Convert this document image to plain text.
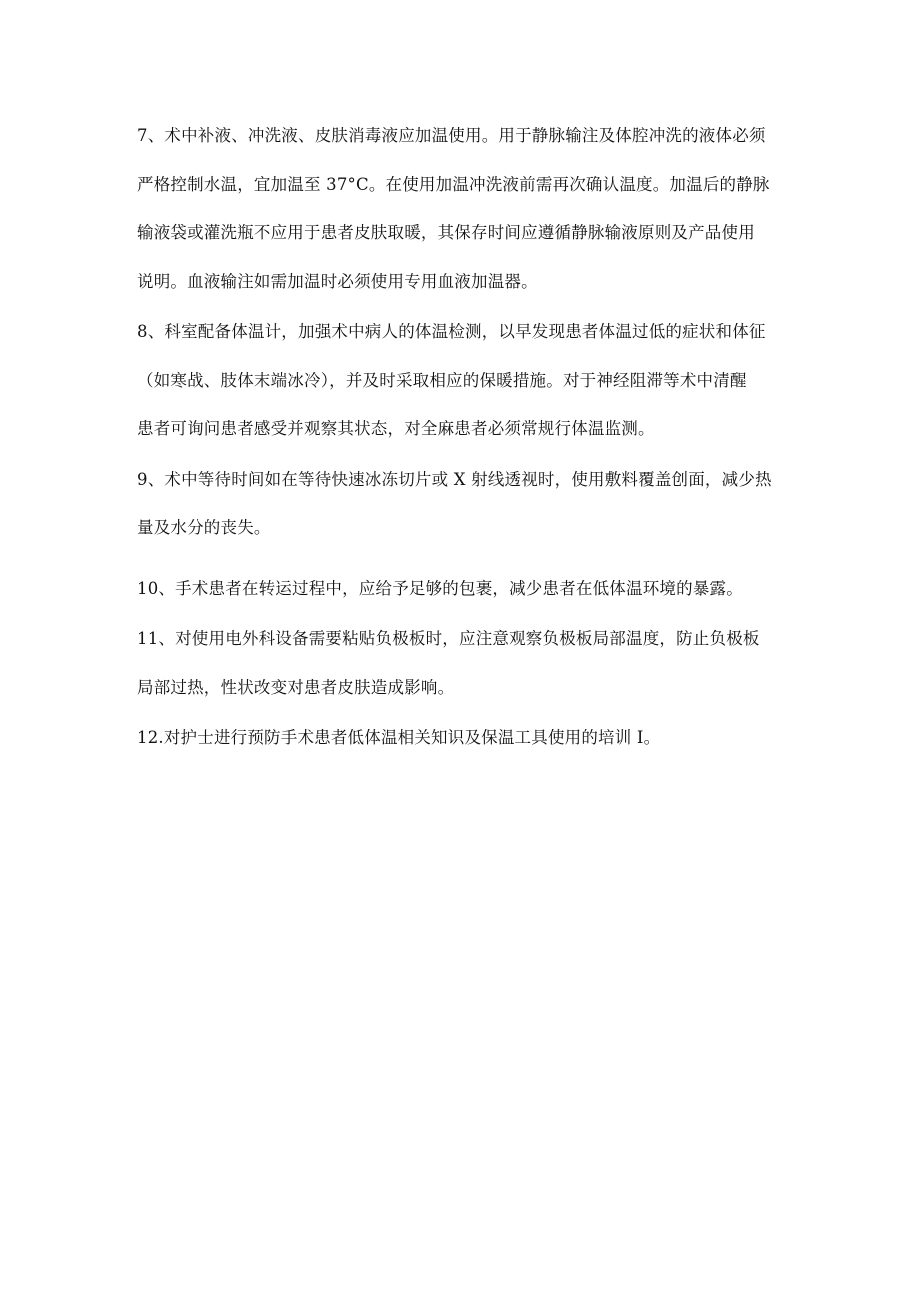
7、术中补液、冲洗液、皮肤消毒液应加温使用。用于静脉输注及体腔冲洗的液体必须
严格控制水温，宜加温至 37°C。在使用加温冲洗液前需再次确认温度。加温后的静脉
输液袋或灌洗瓶不应用于患者皮肤取暖，其保存时间应遵循静脉输液原则及产品使用
说明。血液输注如需加温时必须使用专用血液加温器。

8、科室配备体温计，加强术中病人的体温检测，以早发现患者体温过低的症状和体征
（如寒战、肢体末端冰冷），并及时采取相应的保暖措施。对于神经阻滞等术中清醒
患者可询问患者感受并观察其状态，对全麻患者必须常规行体温监测。

9、术中等待时间如在等待快速冰冻切片或 X 射线透视时，使用敷料覆盖创面，减少热
量及水分的丧失。

10、手术患者在转运过程中，应给予足够的包裹，减少患者在低体温环境的暴露。

11、对使用电外科设备需要粘贴负极板时，应注意观察负极板局部温度，防止负极板
局部过热，性状改变对患者皮肤造成影响。

12.对护士进行预防手术患者低体温相关知识及保温工具使用的培训 I。
